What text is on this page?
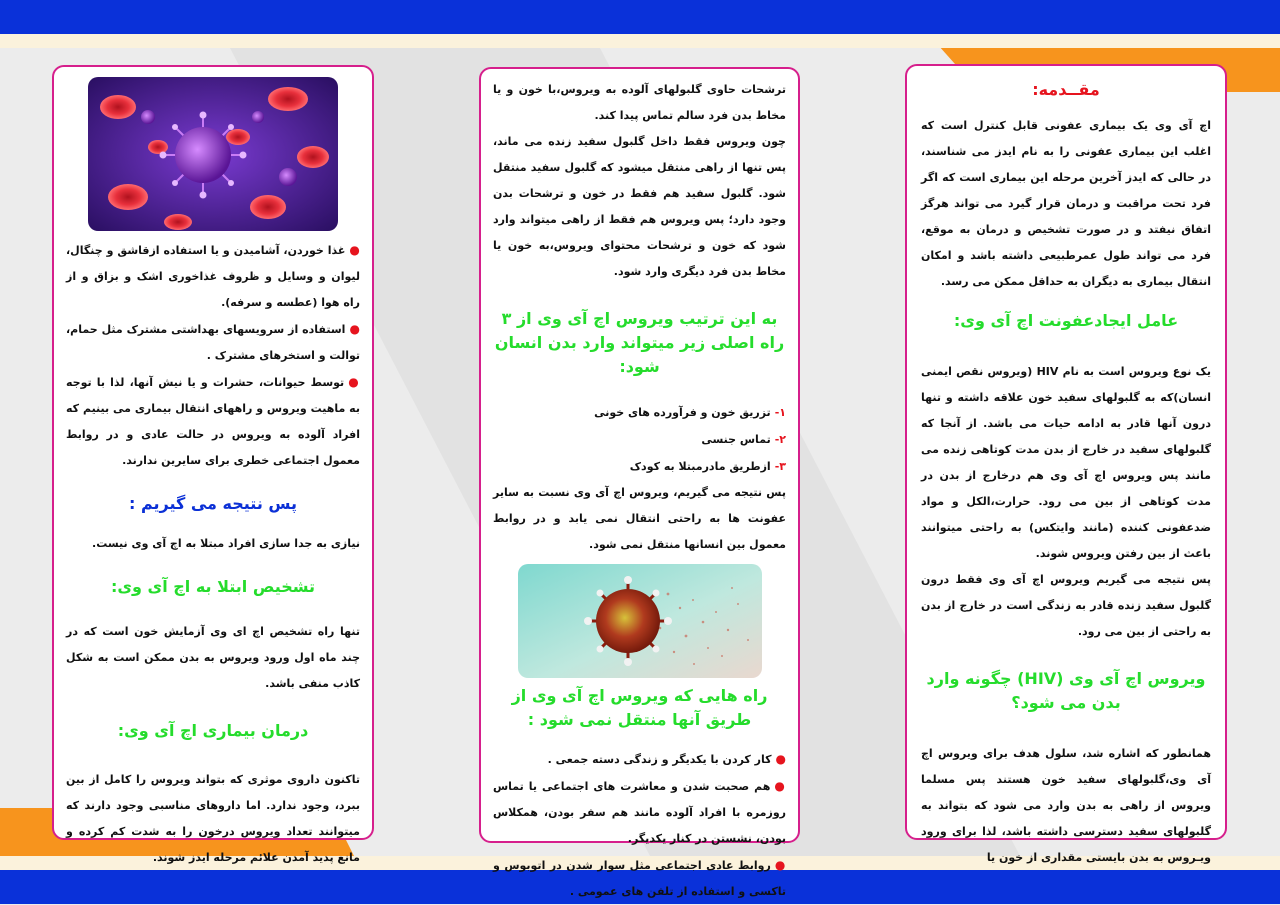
مقــدمه:

اچ آی وی یک بیماری عفونی قابل کنترل است که اغلب این بیماری عفونی را به نام ایدز می شناسند، در حالی که ایدز آخرین مرحله این بیماری است که اگر فرد تحت مراقبت و درمان قرار گیرد می تواند هرگز اتفاق نیفتد و در صورت تشخیص و درمان به موقع، فرد می تواند طول عمرطبیعی داشته باشد و امکان انتقال بیماری به دیگران به حداقل ممکن می رسد.

عامل ایجادعفونت اچ آی وی:

یک نوع ویروس است به نام HIV (ویروس نقص ایمنی انسان)که به گلبولهای سفید خون علاقه داشته و تنها درون آنها قادر به ادامه حیات می باشد. از آنجا که گلبولهای سفید در خارج از بدن مدت کوتاهی زنده می مانند پس ویروس اچ آی وی هم درخارج از بدن در مدت کوتاهی از بین می رود. حرارت،الکل و مواد ضدعفونی کننده (مانند وایتکس) به راحتی میتوانند باعث از بین رفتن ویروس شوند.

پس نتیجه می گیریم ویروس اچ آی وی فقط درون گلبول سفید زنده قادر به زندگی است در خارج از بدن به راحتی از بین می رود.

ویروس اچ آی وی (HIV) چگونه وارد بدن می شود؟

همانطور که اشاره شد، سلول هدف برای ویروس اچ آی وی،گلبولهای سفید خون هستند پس مسلما ویروس از راهی به بدن وارد می شود که بتواند به گلبولهای سفید دسترسی داشته باشد، لذا برای ورود ویـروس به بدن بایستی مقداری از خون یا

ترشحات حاوی گلبولهای آلوده به ویروس،با خون و یا مخاط بدن فرد سالم تماس پیدا کند.

چون ویروس فقط داخل گلبول سفید زنده می ماند، پس تنها از راهی منتقل میشود که گلبول سفید منتقل شود. گلبول سفید هم فقط در خون و ترشحات بدن وجود دارد؛ پس ویروس هم فقط از راهی میتواند وارد شود که خون و ترشحات محتوای ویروس،به خون یا مخاط بدن فرد دیگری وارد شود.

به این ترتیب ویروس اچ آی وی از ۳ راه اصلی زیر میتواند وارد بدن انسان شود:

۱-تزریق خون و فرآورده های خونی
۲-تماس جنسی
۳-ازطریق مادرمبتلا به کودک

پس نتیجه می گیریم، ویروس اچ آی وی نسبت به سایر عفونت ها به راحتی انتقال نمی یابد و در روابط معمول بین انسانها منتقل نمی شود.

راه هایی که ویروس اچ آی وی از طریق آنها منتقل نمی شود :

●کار کردن با یکدیگر و زندگی دسته جمعی .
●هم صحبت شدن و معاشرت های اجتماعی یا تماس روزمره با افراد آلوده مانند هم سفر بودن، همکلاس بودن، نشستن در کنار یکدیگر.
●روابط عادی اجتماعی مثل سوار شدن در اتوبوس و تاکسی و استفاده از تلفن های عمومی .
●غذا خوردن، آشامیدن و یا استفاده ازقاشق و چنگال، لیوان و وسایل و ظروف غذاخوری اشک و بزاق و از راه هوا (عطسه و سرفه).
●استفاده از سرویسهای بهداشتی مشترک مثل حمام، توالت و استخرهای مشترک .
●توسط حیوانات، حشرات و یا نیش آنها، لذا با توجه به ماهیت ویروس و راههای انتقال بیماری می بینیم که افراد آلوده به ویروس در حالت عادی و در روابط معمول اجتماعی خطری برای سایرین ندارند.

پس نتیجه می گیریم :

نیازی به جدا سازی افراد مبتلا به اچ آی وی نیست.

تشخیص ابتلا به اچ آی وی:

تنها راه تشخیص اچ ای وی آزمایش خون است که در چند ماه اول ورود ویروس به بدن ممکن است به شکل کاذب منفی باشد.

درمان بیماری اچ آی وی:

تاکنون داروی موثری که بتواند ویروس را کامل از بین ببرد، وجود ندارد. اما داروهای مناسبی وجود دارند که میتوانند تعداد ویروس درخون را به شدت کم کرده و مانع پدید آمدن علائم مرحله ایدز شوند.
